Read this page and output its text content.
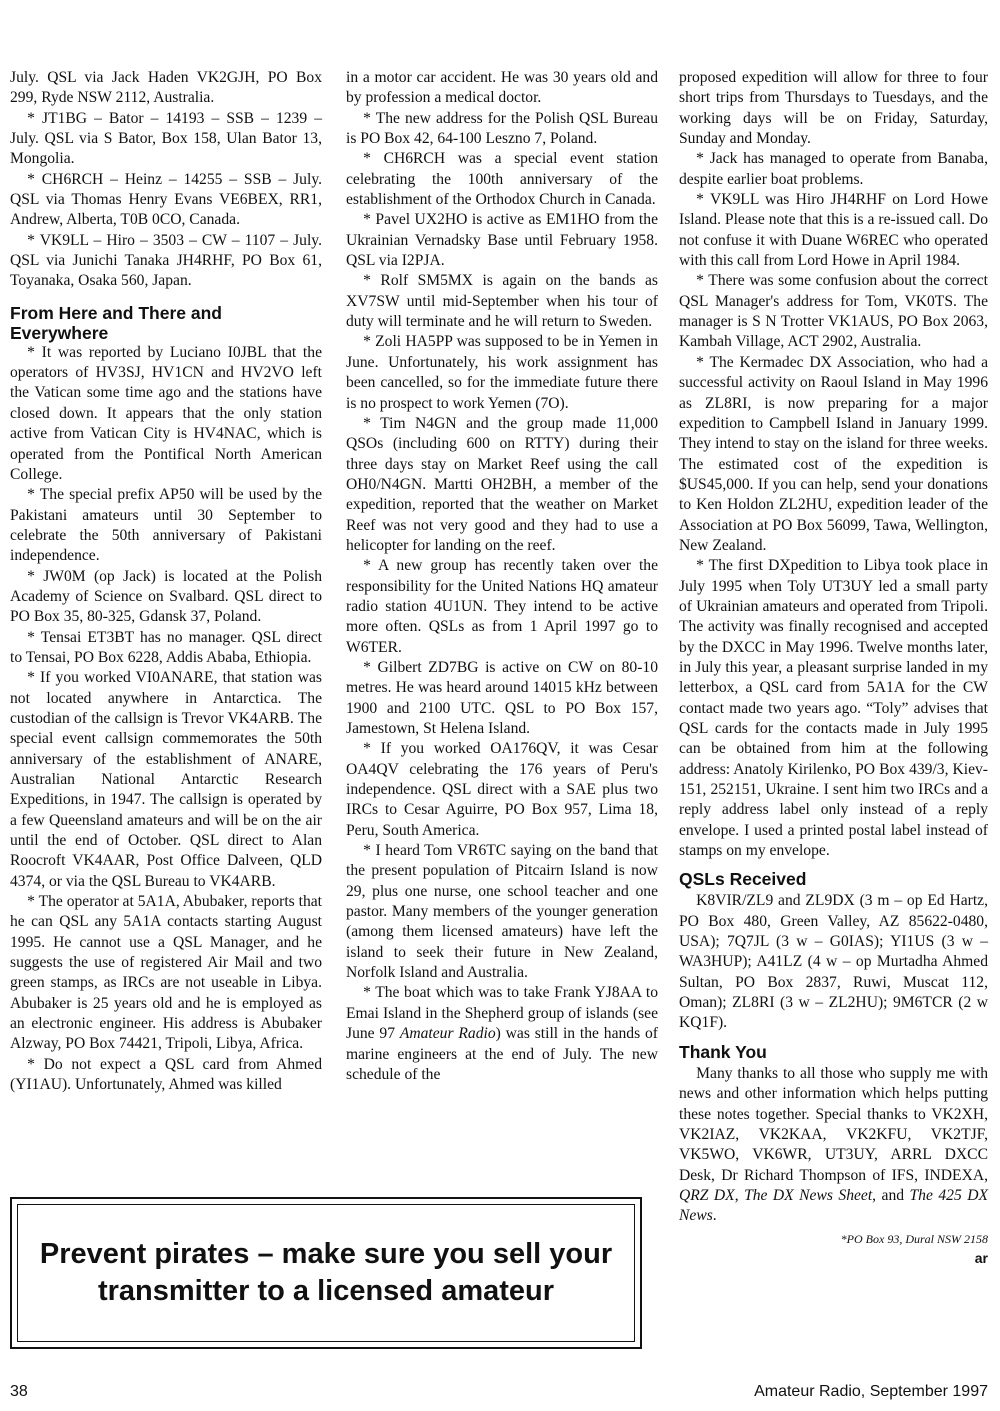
July. QSL via Jack Haden VK2GJH, PO Box 299, Ryde NSW 2112, Australia.

* JT1BG – Bator – 14193 – SSB – 1239 – July. QSL via S Bator, Box 158, Ulan Bator 13, Mongolia.

* CH6RCH – Heinz – 14255 – SSB – July. QSL via Thomas Henry Evans VE6BEX, RR1, Andrew, Alberta, T0B 0CO, Canada.

* VK9LL – Hiro – 3503 – CW – 1107 – July. QSL via Junichi Tanaka JH4RHF, PO Box 61, Toyanaka, Osaka 560, Japan.

From Here and There and Everywhere

* It was reported by Luciano I0JBL that the operators of HV3SJ, HV1CN and HV2VO left the Vatican some time ago and the stations have closed down. It appears that the only station active from Vatican City is HV4NAC, which is operated from the Pontifical North American College.

* The special prefix AP50 will be used by the Pakistani amateurs until 30 September to celebrate the 50th anniversary of Pakistani independence.

* JW0M (op Jack) is located at the Polish Academy of Science on Svalbard. QSL direct to PO Box 35, 80-325, Gdansk 37, Poland.

* Tensai ET3BT has no manager. QSL direct to Tensai, PO Box 6228, Addis Ababa, Ethiopia.

* If you worked VI0ANARE, that station was not located anywhere in Antarctica. The custodian of the callsign is Trevor VK4ARB. The special event callsign commemorates the 50th anniversary of the establishment of ANARE, Australian National Antarctic Research Expeditions, in 1947. The callsign is operated by a few Queensland amateurs and will be on the air until the end of October. QSL direct to Alan Roocroft VK4AAR, Post Office Dalveen, QLD 4374, or via the QSL Bureau to VK4ARB.

* The operator at 5A1A, Abubaker, reports that he can QSL any 5A1A contacts starting August 1995. He cannot use a QSL Manager, and he suggests the use of registered Air Mail and two green stamps, as IRCs are not useable in Libya. Abubaker is 25 years old and he is employed as an electronic engineer. His address is Abubaker Alzway, PO Box 74421, Tripoli, Libya, Africa.

* Do not expect a QSL card from Ahmed (YI1AU). Unfortunately, Ahmed was killed

in a motor car accident. He was 30 years old and by profession a medical doctor.

* The new address for the Polish QSL Bureau is PO Box 42, 64-100 Leszno 7, Poland.

* CH6RCH was a special event station celebrating the 100th anniversary of the establishment of the Orthodox Church in Canada.

* Pavel UX2HO is active as EM1HO from the Ukrainian Vernadsky Base until February 1958. QSL via I2PJA.

* Rolf SM5MX is again on the bands as XV7SW until mid-September when his tour of duty will terminate and he will return to Sweden.

* Zoli HA5PP was supposed to be in Yemen in June. Unfortunately, his work assignment has been cancelled, so for the immediate future there is no prospect to work Yemen (7O).

* Tim N4GN and the group made 11,000 QSOs (including 600 on RTTY) during their three days stay on Market Reef using the call OH0/N4GN. Martti OH2BH, a member of the expedition, reported that the weather on Market Reef was not very good and they had to use a helicopter for landing on the reef.

* A new group has recently taken over the responsibility for the United Nations HQ amateur radio station 4U1UN. They intend to be active more often. QSLs as from 1 April 1997 go to W6TER.

* Gilbert ZD7BG is active on CW on 80-10 metres. He was heard around 14015 kHz between 1900 and 2100 UTC. QSL to PO Box 157, Jamestown, St Helena Island.

* If you worked OA176QV, it was Cesar OA4QV celebrating the 176 years of Peru's independence. QSL direct with a SAE plus two IRCs to Cesar Aguirre, PO Box 957, Lima 18, Peru, South America.

* I heard Tom VR6TC saying on the band that the present population of Pitcairn Island is now 29, plus one nurse, one school teacher and one pastor. Many members of the younger generation (among them licensed amateurs) have left the island to seek their future in New Zealand, Norfolk Island and Australia.

* The boat which was to take Frank YJ8AA to Emai Island in the Shepherd group of islands (see June 97 Amateur Radio) was still in the hands of marine engineers at the end of July. The new schedule of the

proposed expedition will allow for three to four short trips from Thursdays to Tuesdays, and the working days will be on Friday, Saturday, Sunday and Monday.

* Jack has managed to operate from Banaba, despite earlier boat problems.

* VK9LL was Hiro JH4RHF on Lord Howe Island. Please note that this is a re-issued call. Do not confuse it with Duane W6REC who operated with this call from Lord Howe in April 1984.

* There was some confusion about the correct QSL Manager's address for Tom, VK0TS. The manager is S N Trotter VK1AUS, PO Box 2063, Kambah Village, ACT 2902, Australia.

* The Kermadec DX Association, who had a successful activity on Raoul Island in May 1996 as ZL8RI, is now preparing for a major expedition to Campbell Island in January 1999. They intend to stay on the island for three weeks. The estimated cost of the expedition is $US45,000. If you can help, send your donations to Ken Holdon ZL2HU, expedition leader of the Association at PO Box 56099, Tawa, Wellington, New Zealand.

* The first DXpedition to Libya took place in July 1995 when Toly UT3UY led a small party of Ukrainian amateurs and operated from Tripoli. The activity was finally recognised and accepted by the DXCC in May 1996. Twelve months later, in July this year, a pleasant surprise landed in my letterbox, a QSL card from 5A1A for the CW contact made two years ago. “Toly” advises that QSL cards for the contacts made in July 1995 can be obtained from him at the following address: Anatoly Kirilenko, PO Box 439/3, Kiev-151, 252151, Ukraine. I sent him two IRCs and a reply address label only instead of a reply envelope. I used a printed postal label instead of stamps on my envelope.

QSLs Received

K8VIR/ZL9 and ZL9DX (3 m – op Ed Hartz, PO Box 480, Green Valley, AZ 85622-0480, USA); 7Q7JL (3 w – G0IAS); YI1US (3 w – WA3HUP); A41LZ (4 w – op Murtadha Ahmed Sultan, PO Box 2837, Ruwi, Muscat 112, Oman); ZL8RI (3 w – ZL2HU); 9M6TCR (2 w KQ1F).

Thank You

Many thanks to all those who supply me with news and other information which helps putting these notes together. Special thanks to VK2XH, VK2IAZ, VK2KAA, VK2KFU, VK2TJF, VK5WO, VK6WR, UT3UY, ARRL DXCC Desk, Dr Richard Thompson of IFS, INDEXA, QRZ DX, The DX News Sheet, and The 425 DX News.

*PO Box 93, Dural NSW 2158
ar
Prevent pirates – make sure you sell your transmitter to a licensed amateur
38	Amateur Radio, September 1997
